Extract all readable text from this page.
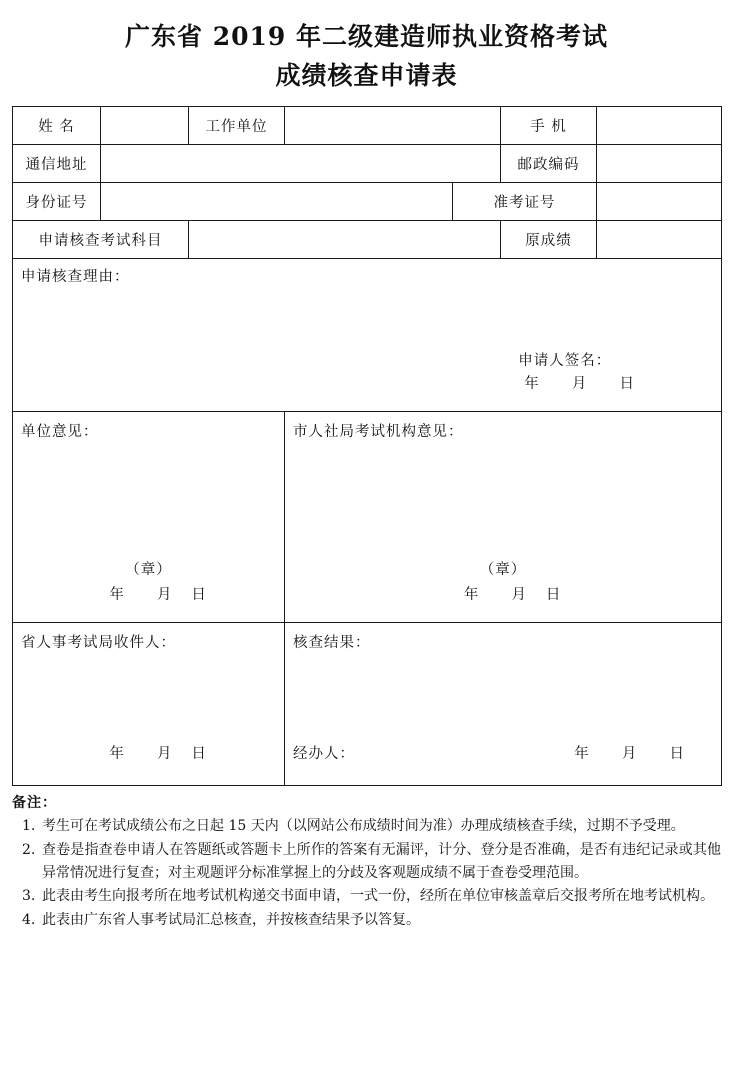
广东省 2019 年二级建造师执业资格考试
成绩核查申请表
姓 名		工作单位			手 机	
通信地址					邮政编码	
身份证号				准考证号		
申请核查考试科目					原成绩	

申请核查理由：
申请人签名：
年 月 日						

单位意见：
（章）
年 月 日

市人社局考试机构意见：
（章）
年 月 日

省人事考试局收件人：
年 月 日

核查结果：
经办人：	年 月 日
备注：
考生可在考试成绩公布之日起 15 天内（以网站公布成绩时间为准）办理成绩核查手续，过期不予受理。
查卷是指查卷申请人在答题纸或答题卡上所作的答案有无漏评，计分、登分是否准确，是否有违纪记录或其他异常情况进行复查；对主观题评分标准掌握上的分歧及客观题成绩不属于查卷受理范围。
此表由考生向报考所在地考试机构递交书面申请，一式一份，经所在单位审核盖章后交报考所在地考试机构。
此表由广东省人事考试局汇总核查，并按核查结果予以答复。
